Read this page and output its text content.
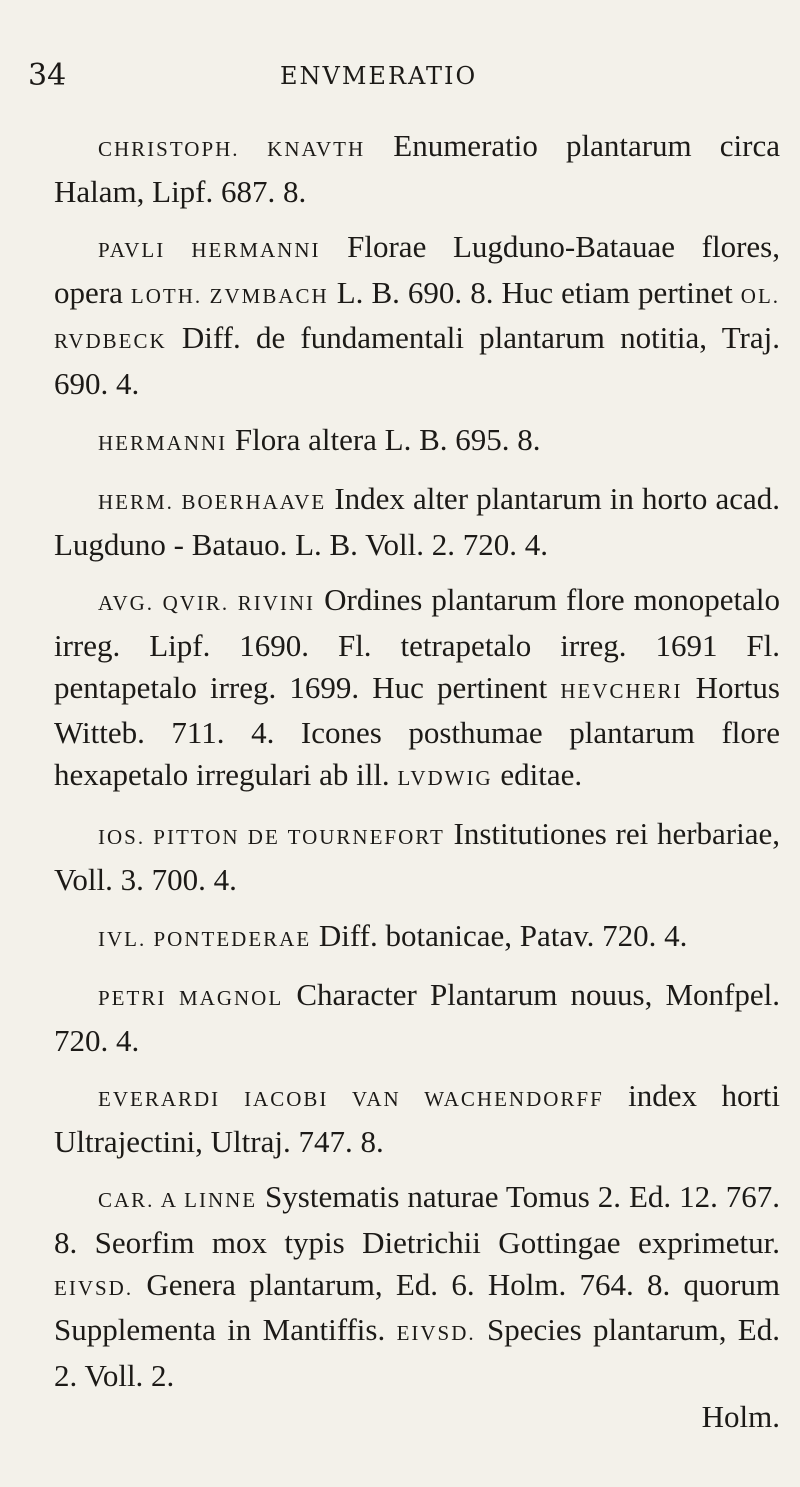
34	ENVMERATIO

CHRISTOPH. KNAVTH Enumeratio plantarum circa Halam, Lipf. 687. 8.

PAVLI HERMANNI Florae Lugduno-Batauae flores, opera LOTH. ZVMBACH L. B. 690. 8. Huc etiam pertinet OL. RVDBECK Diff. de fundamentali plantarum notitia, Traj. 690. 4.

HERMANNI Flora altera L. B. 695. 8.

HERM. BOERHAAVE Index alter plantarum in horto acad. Lugduno - Batauo. L. B. Voll. 2. 720. 4.

AVG. QVIR. RIVINI Ordines plantarum flore monopetalo irreg. Lipf. 1690. Fl. tetrapetalo irreg. 1691 Fl. pentapetalo irreg. 1699. Huc pertinent HEVCHERI Hortus Witteb. 711. 4. Icones posthumae plantarum flore hexapetalo irregulari ab ill. LVDWIG editae.

IOS. PITTON DE TOURNEFORT Institutiones rei herbariae, Voll. 3. 700. 4.

IVL. PONTEDERAE Diff. botanicae, Patav. 720. 4.

PETRI MAGNOL Character Plantarum nouus, Monfpel. 720. 4.

EVERARDI IACOBI VAN WACHENDORFF index horti Ultrajectini, Ultraj. 747. 8.

CAR. A LINNE Systematis naturae Tomus 2. Ed. 12. 767. 8. Seorfim mox typis Dietrichii Gottingae exprimetur. EIVSD. Genera plantarum, Ed. 6. Holm. 764. 8. quorum Supplementa in Mantiffis. EIVSD. Species plantarum, Ed. 2. Voll. 2.

Holm.
